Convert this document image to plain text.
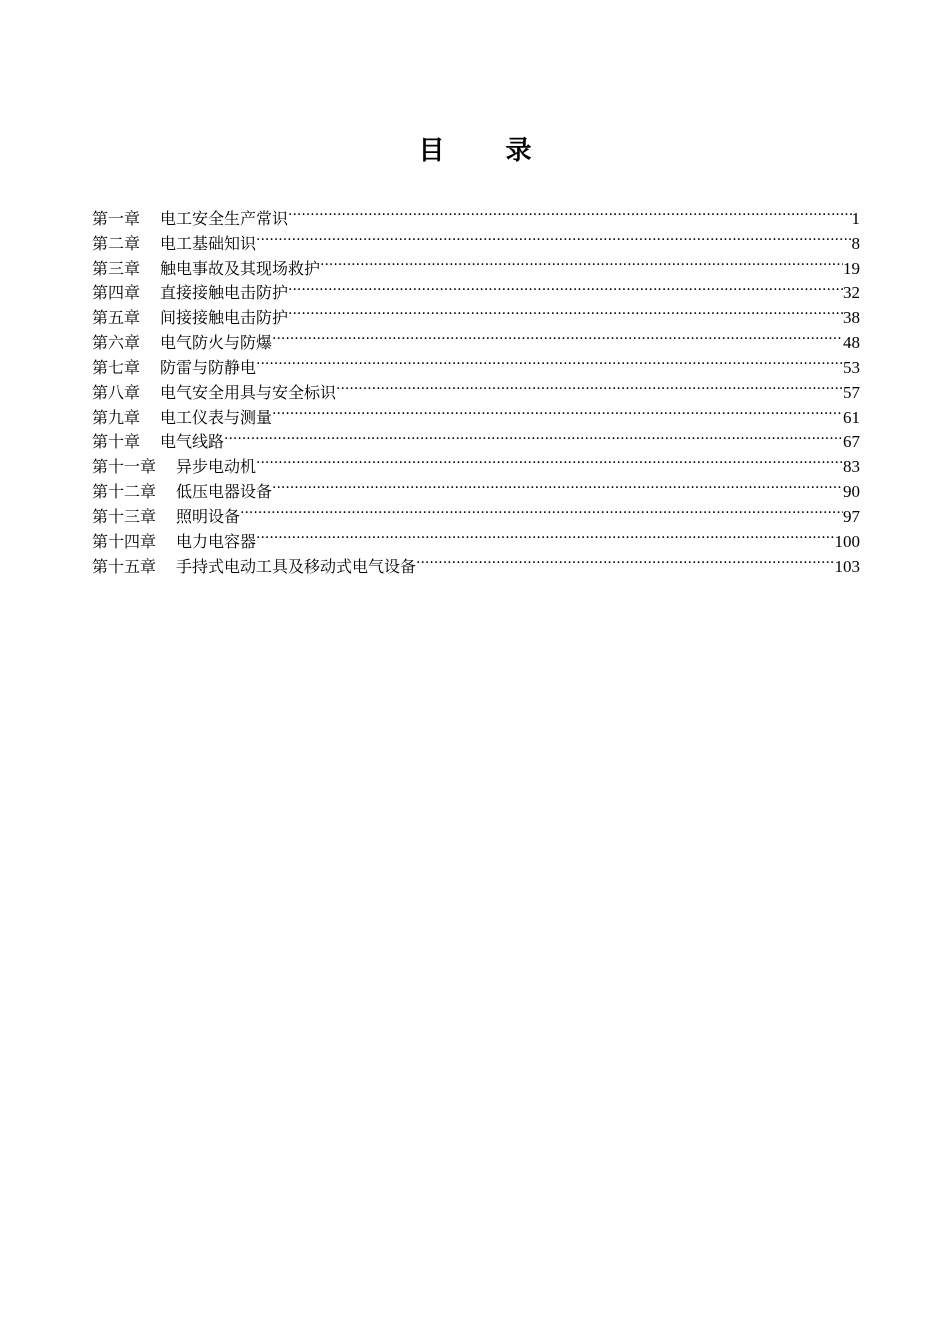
目 录
第一章 电工安全生产常识 .....	1
第二章 电工基础知识 .....	8
第三章 触电事故及其现场救护 .....	19
第四章 直接接触电击防护 .....	32
第五章 间接接触电击防护 .....	38
第六章 电气防火与防爆 .....	48
第七章 防雷与防静电 .....	53
第八章 电气安全用具与安全标识 .....	57
第九章 电工仪表与测量 .....	61
第十章 电气线路 .....	67
第十一章 异步电动机 .....	83
第十二章 低压电器设备 .....	90
第十三章 照明设备 .....	97
第十四章 电力电容器 .....	100
第十五章 手持式电动工具及移动式电气设备 .....	103
